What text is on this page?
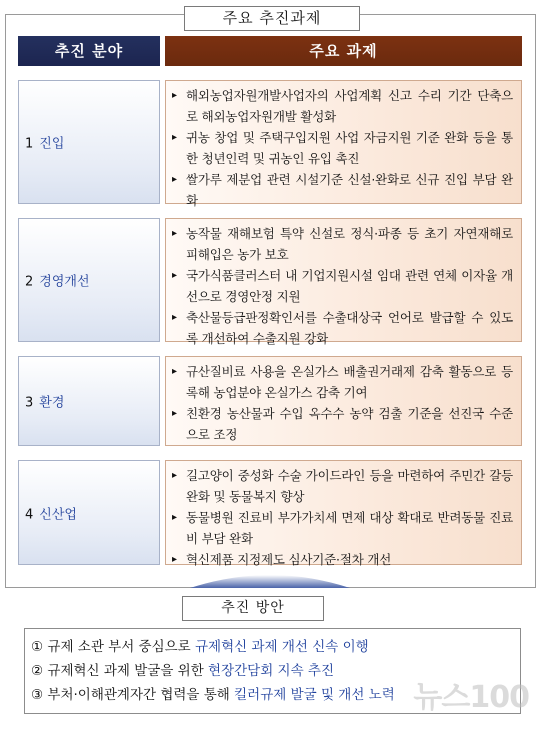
주요 추진과제
추진 분야	주요 과제
1 진입
▸ 해외농업자원개발사업자의 사업계획 신고 수리 기간 단축으로 해외농업자원개발 활성화
▸ 귀농 창업 및 주택구입지원 사업 자금지원 기준 완화 등을 통한 청년인력 및 귀농인 유입 촉진
▸ 쌀가루 제분업 관련 시설기준 신설·완화로 신규 진입 부담 완화
2 경영개선
▸ 농작물 재해보험 특약 신설로 정식·파종 등 초기 자연재해로 피해입은 농가 보호
▸ 국가식품클러스터 내 기업지원시설 임대 관련 연체 이자율 개선으로 경영안정 지원
▸ 축산물등급판정확인서를 수출대상국 언어로 발급할 수 있도록 개선하여 수출지원 강화
3 환경
▸ 규산질비료 사용을 온실가스 배출권거래제 감축 활동으로 등록해 농업분야 온실가스 감축 기여
▸ 친환경 농산물과 수입 옥수수 농약 검출 기준을 선진국 수준으로 조정
4 신산업
▸ 길고양이 중성화 수술 가이드라인 등을 마련하여 주민간 갈등 완화 및 동물복지 향상
▸ 동물병원 진료비 부가가치세 면제 대상 확대로 반려동물 진료비 부담 완화
▸ 혁신제품 지정제도 심사기준·절차 개선
추진 방안
① 규제 소관 부서 중심으로 규제혁신 과제 개선 신속 이행
② 규제혁신 과제 발굴을 위한 현장간담회 지속 추진
③ 부처·이해관계자간 협력을 통해 킬러규제 발굴 및 개선 노력 뉴스100
